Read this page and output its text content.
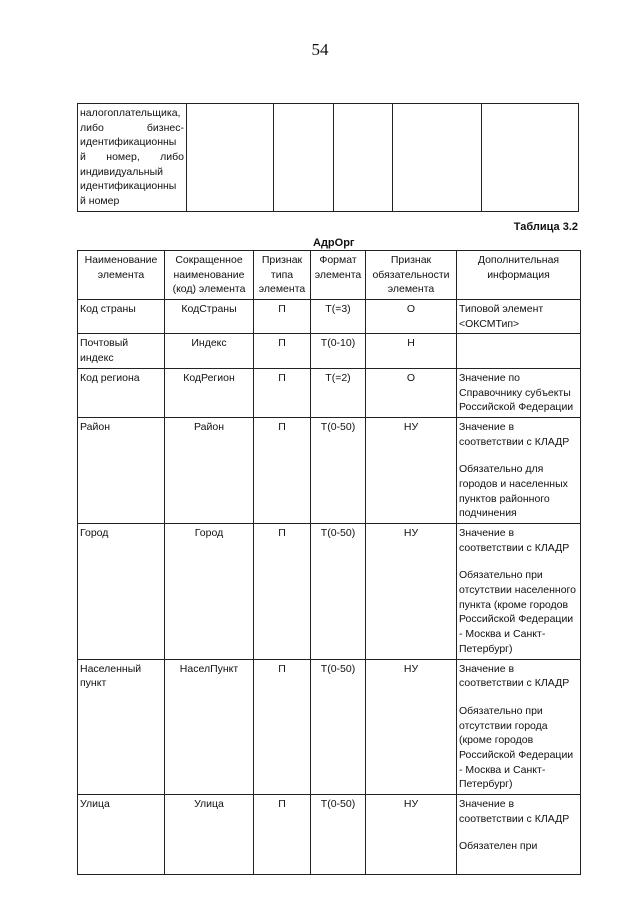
54
налогоплательщика,
либо бизнес-
идентификационны
й номер, либо
индивидуальный
идентификационны
й номер

Таблица 3.2
АдрОрг
Наименование элемента	Сокращенное наименование (код) элемента	Признак типа элемента	Формат элемента	Признак обязательности элемента	Дополнительная информация
Код страны	КодСтраны	П	T(=3)	О	Типовой элемент <ОКСМТип>
Почтовый индекс	Индекс	П	T(0-10)	Н	
Код региона	КодРегион	П	T(=2)	О	Значение по Справочнику субъекты Российской Федерации
Район	Район	П	T(0-50)	НУ	Значение в соответствии с КЛАДР
Обязательно для городов и населенных пунктов районного подчинения
Город	Город	П	T(0-50)	НУ	Значение в соответствии с КЛАДР
Обязательно при отсутствии населенного пункта (кроме городов Российской Федерации - Москва и Санкт-Петербург)
Населенный пункт	НаселПункт	П	T(0-50)	НУ	Значение в соответствии с КЛАДР
Обязательно при отсутствии города (кроме городов Российской Федерации - Москва и Санкт-Петербург)
Улица	Улица	П	T(0-50)	НУ	Значение в соответствии с КЛАДР
Обязателен при
